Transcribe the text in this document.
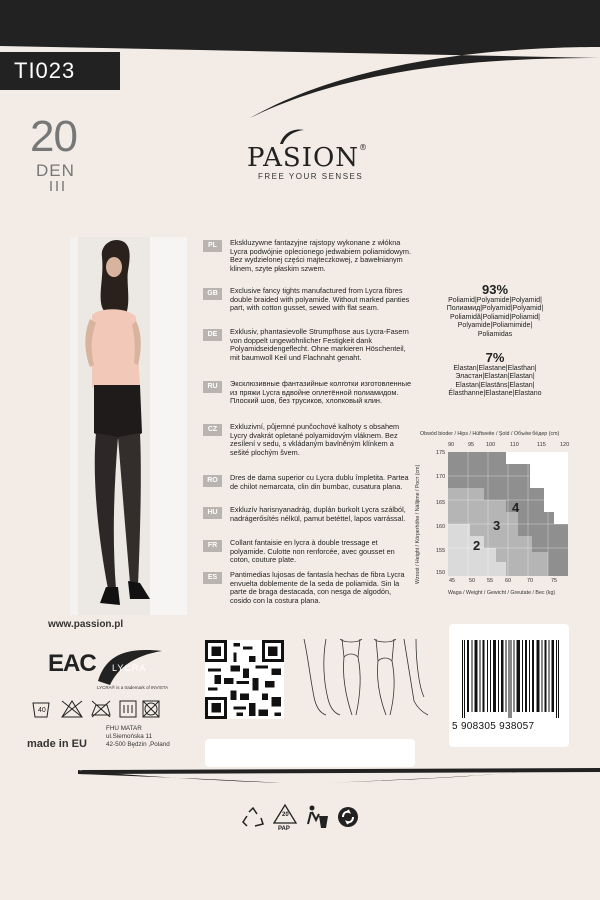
TI023
20
DEN	PASION®
FREE YOUR SENSES
www.passion.pl
PL	Ekskluzywne fantazyjne rajstopy wykonane z włókna Lycra podwójnie oplecionego jedwabiem poliamidowym. Bez wydzielonej części majteczkowej, z bawełnianym klinem, szyte płaskim szwem.
GB	Exclusive fancy tights manufactured from Lycra fibres double braided with polyamide. Without marked panties part, with cotton gusset, sewed with flat seam.
DE	Exklusiv, phantasievolle Strumpfhose aus Lycra-Fasern von doppelt ungewöhnlicher Festigkeit dank Polyamidseidengeflecht. Ohne markieren Höschenteil, mit baumwoll Keil und Flachnaht genaht.
RU	Эксклюзивные фантазийные колготки изготовленные из пряжи Lycra вдвойне оплетённой полиамидом. Плоский шов, без трусиков, хлопковый клин.
CZ	Exkluzivní, půjemné punčochové kalhoty s obsahem Lycry dvakrát opletané polyamidovým vláknem. Bez zesílení v sedu, s vkládaným bavlněným klínkem a sešité plochým švem.
RO	Dres de dama superior cu Lycra dublu împletita. Partea de chilot nemarcata, clin din bumbac, cusatura plana.
HU	Exkluzív harisnyanadrág, duplán burkolt Lycra szálból, nadrágerősítés nélkül, pamut betéttel, lapos varrással.
FR	Collant fantaisie en lycra à double tressage et polyamide. Culotte non renforcée, avec gousset en coton, couture plate.
ES	Pantimedias lujosas de fantasía hechas de fibra Lycra envuelta doblemente de la seda de poliamida. Sin la parte de braga destacada, con nesga de algodón, cosido con la costura plana.
93%
Poliamid|Polyamide|Polyamid|
Полиамид|Polyamid|Polyamid|
Poliamidă|Poliamid|Poliamid|
Polyamide|Poliamimide|
Poliamidas
7%
Elastan|Elastane|Elasthan|
Эластан|Elastan|Elastan|
Elastan|Elastāns|Elastan|
Élasthanne|Elastane|Elastano
Obwód bioder / Hips / Hüftweite / Şold / Объём бёдер (cm)
90	95 100	110	115	120
175
170
165
160
155
150
Wzrost / Height / Körperhöhe / Nálljime / Рост (cm)	2
3
4
45	50 55 60	70	75
Waga / Weight / Gewicht / Greutate / Bec (kg)
EAC LYCRA
LYCRA® is a trademark of INVISTA
40
made in EU
FHU MATAR
ul.Siemońska 11
42-500 Będzin ,Poland
5 908305 938057
20
PAP
